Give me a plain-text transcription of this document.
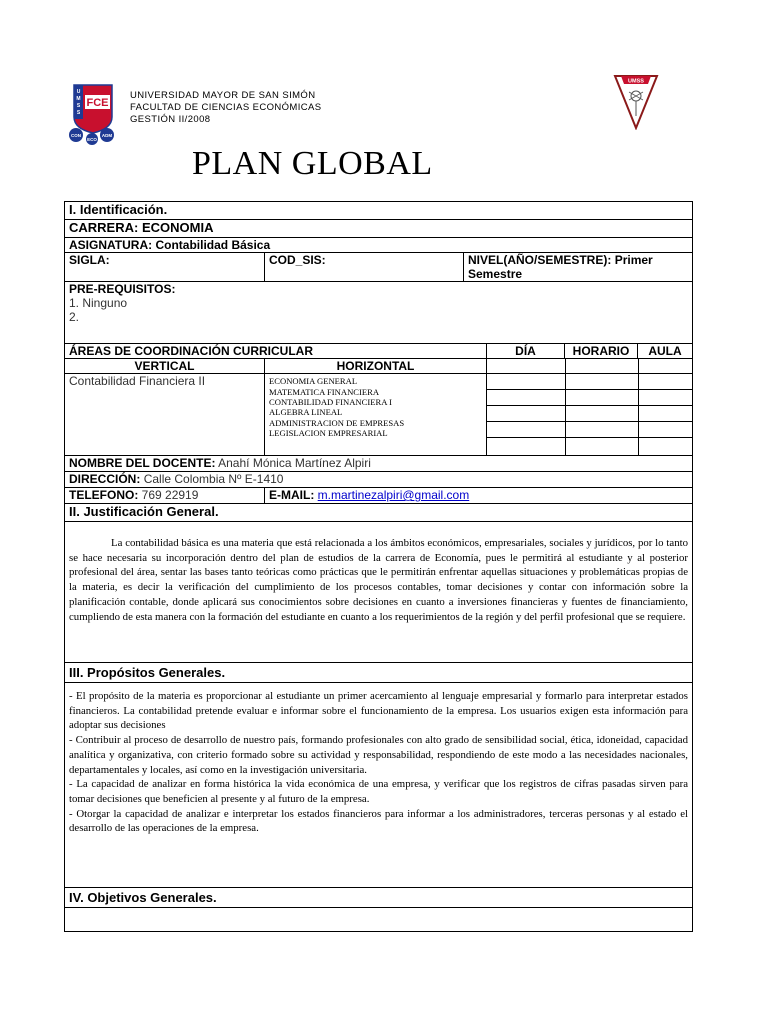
U
M
S
S
FCE
CON	ADM
ECO
UNIVERSIDAD MAYOR DE SAN SIMÓN
FACULTAD DE CIENCIAS ECONÓMICAS
GESTIÓN II/2008
UMSS
PLAN GLOBAL
I. Identificación.
CARRERA: ECONOMIA
ASIGNATURA: Contabilidad Básica
SIGLA:	COD_SIS:	NIVEL(AÑO/SEMESTRE): Primer Semestre

PRE-REQUISITOS:
1. Ninguno
2.

ÁREAS DE COORDINACIÓN CURRICULAR	DÍA	HORARIO	AULA
VERTICAL	HORIZONTAL	

Contabilidad Financiera II	ECONOMIA GENERAL
MATEMATICA FINANCIERA
CONTABILIDAD FINANCIERA I
ALGEBRA LINEAL
ADMINISTRACION DE EMPRESAS
LEGISLACION EMPRESARIAL

NOMBRE DEL DOCENTE: Anahí Mónica Martínez Alpiri
DIRECCIÓN: Calle Colombia Nº E-1410
TELEFONO: 769 22919	E-MAIL: m.martinezalpiri@gmail.com
II. Justificación General.

La contabilidad básica es una materia que está relacionada a los ámbitos económicos, empresariales, sociales y jurídicos, por lo tanto se hace necesaria su incorporación dentro del plan de estudios de la carrera de Economía, pues le permitirá al estudiante y al posterior profesional del área, sentar las bases tanto teóricas como prácticas que le permitirán enfrentar aquellas situaciones y problemáticas propias de la materia, es decir la verificación del cumplimiento de los procesos contables, tomar decisiones y contar con información sobre la planificación contable, donde aplicará sus conocimientos sobre decisiones en cuanto a inversiones financieras y fuentes de financiamiento, cumpliendo de esta manera con la formación del estudiante en cuanto a los requerimientos de la región y del perfil profesional que se requiere.

III. Propósitos Generales.

- El propósito de la materia es proporcionar al estudiante un primer acercamiento al lenguaje empresarial y formarlo para interpretar estados financieros. La contabilidad pretende evaluar e informar sobre el funcionamiento de la empresa. Los usuarios exigen esta información para adoptar sus decisiones
- Contribuir al proceso de desarrollo de nuestro país, formando profesionales con alto grado de sensibilidad social, ética, idoneidad, capacidad analítica y organizativa, con criterio formado sobre su actividad y responsabilidad, respondiendo de este modo a las necesidades nacionales, departamentales y locales, así como en la investigación universitaria.
- La capacidad de analizar en forma histórica la vida económica de una empresa, y verificar que los registros de cifras pasadas sirven para tomar decisiones que beneficien al presente y al futuro de la empresa.
- Otorgar la capacidad de analizar e interpretar los estados financieros para informar a los administradores, terceras personas y al estado el desarrollo de las operaciones de la empresa.

IV. Objetivos Generales.
